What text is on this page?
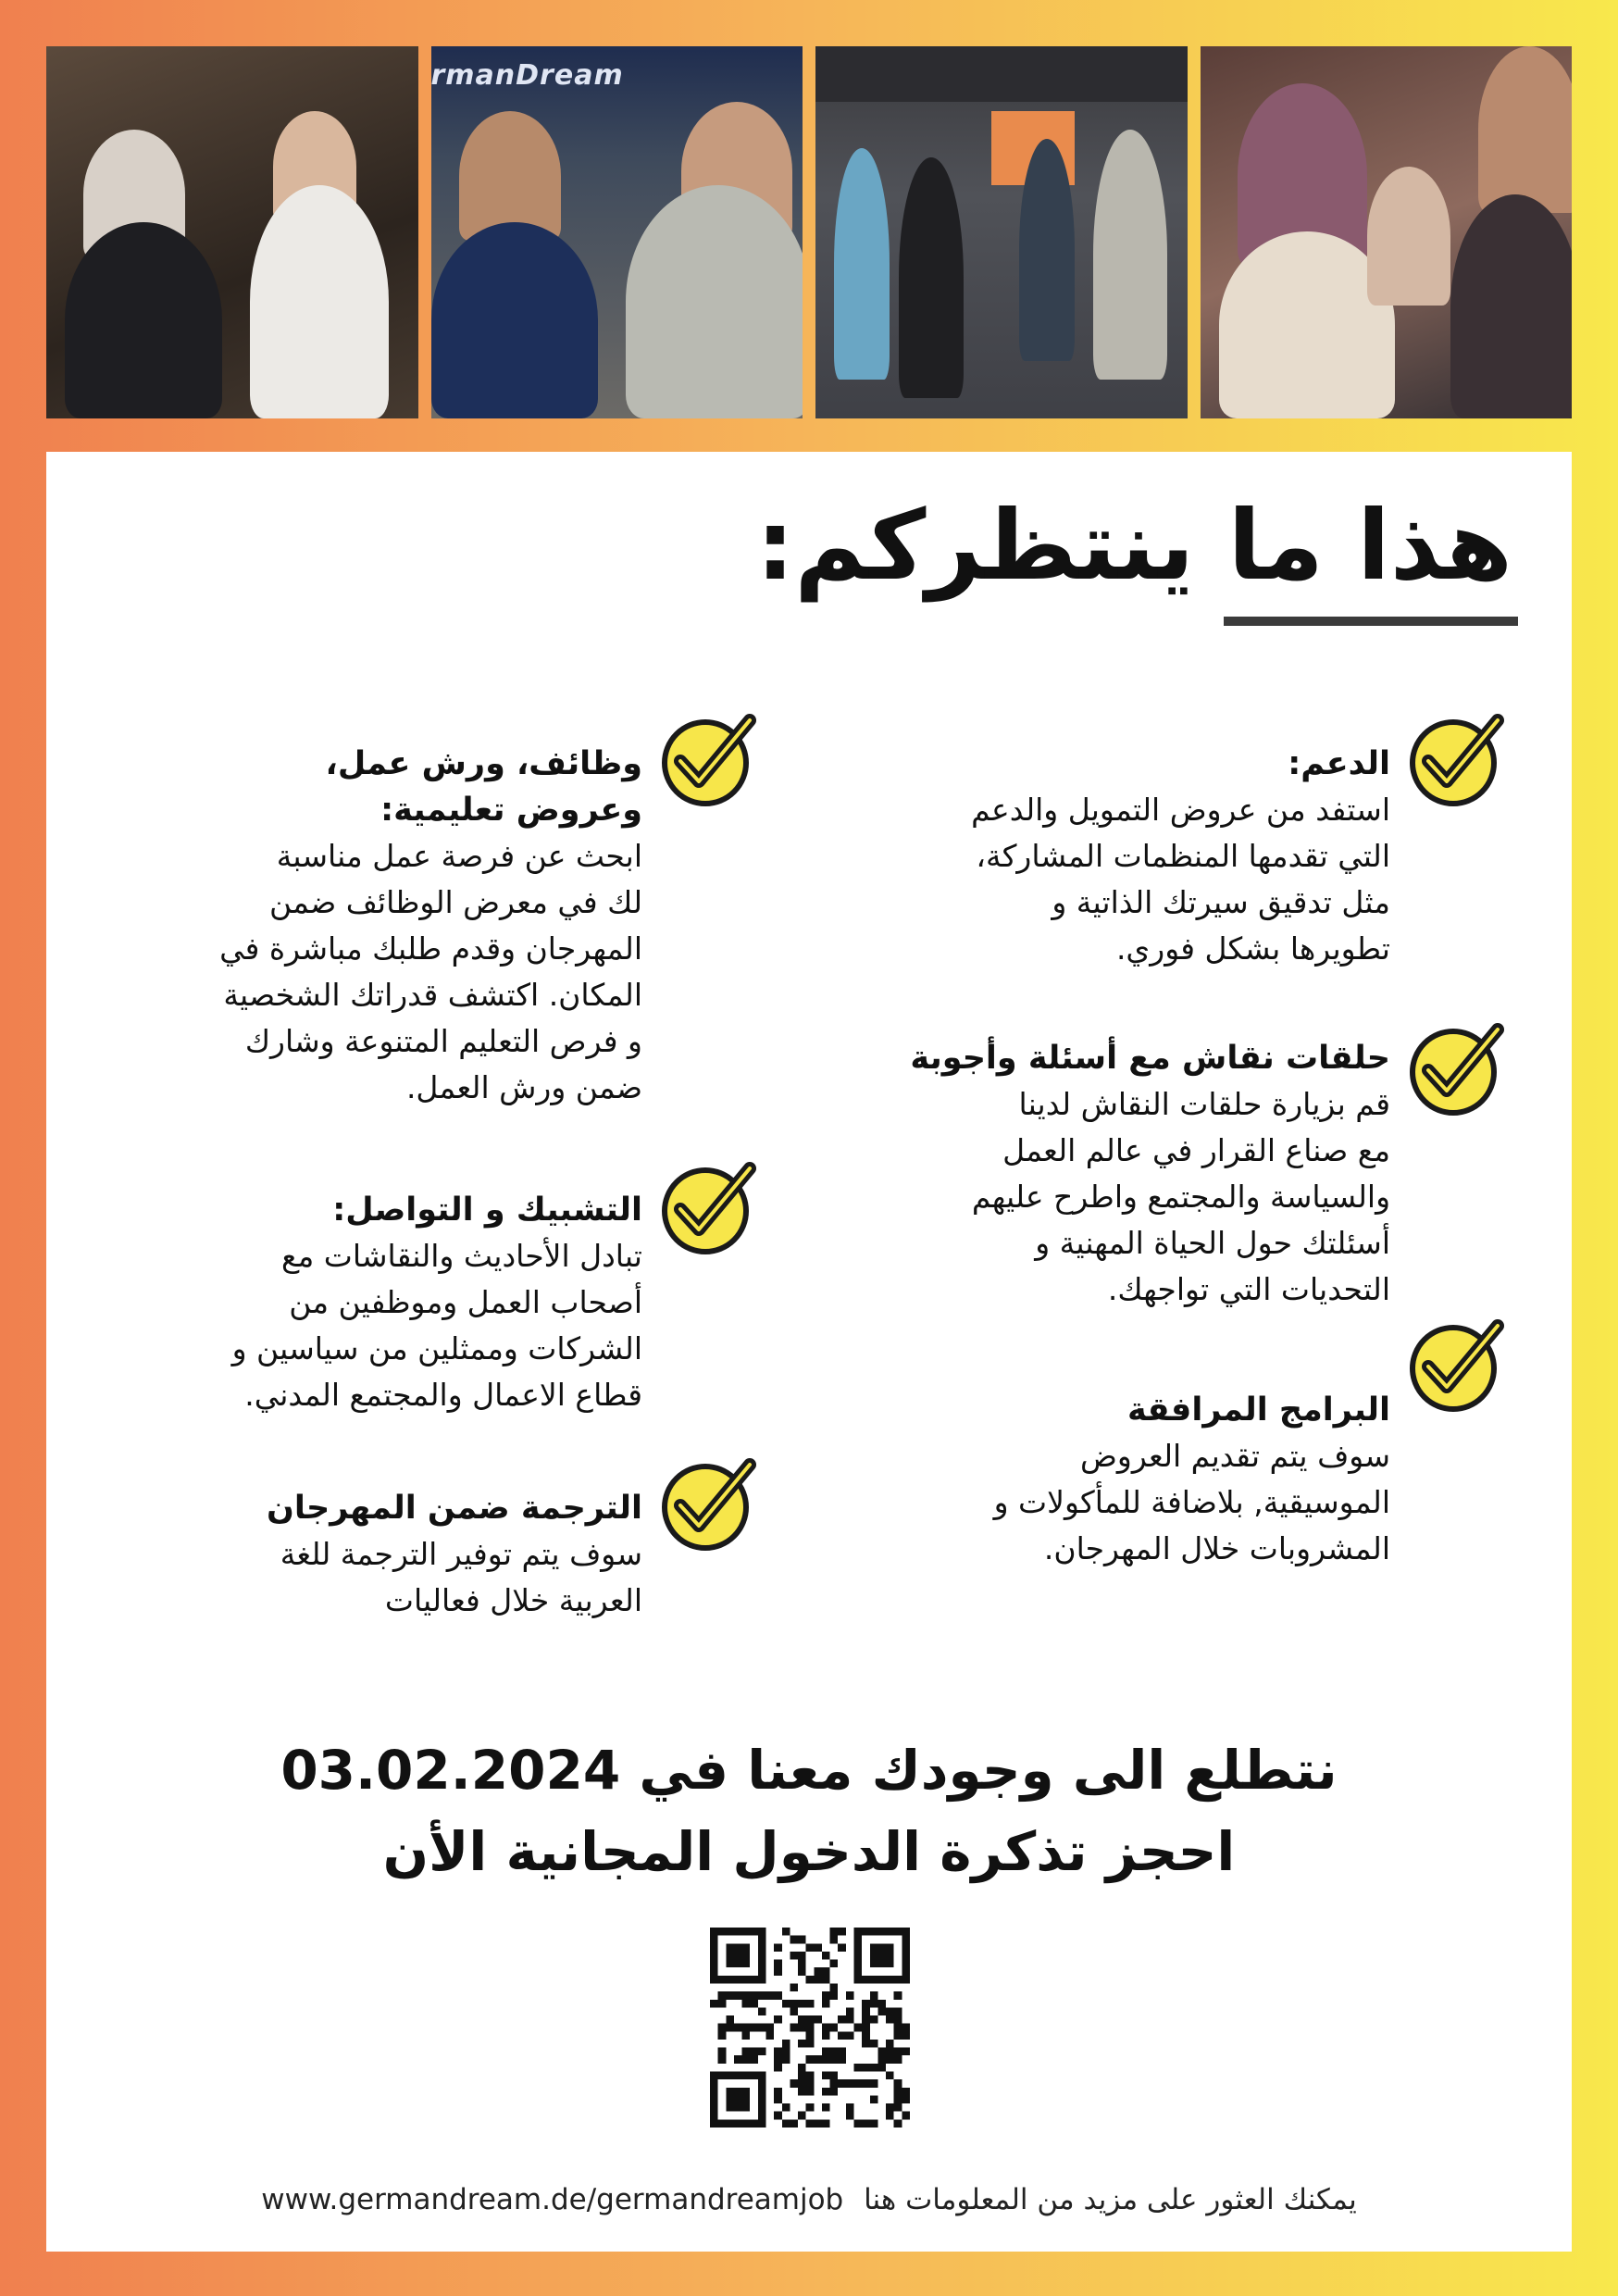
rmanDream
هذا ما ينتظركم:
الدعم:

استفد من عروض التمويل والدعم

التي تقدمها المنظمات المشاركة،

مثل تدقيق سيرتك الذاتية و

تطويرها بشكل فوري.

حلقات نقاش مع أسئلة وأجوبة

قم بزيارة حلقات النقاش لدينا

مع صناع القرار في عالم العمل

والسياسة والمجتمع واطرح عليهم

أسئلتك حول الحياة المهنية و

التحديات التي تواجهك.

البرامج المرافقة

سوف يتم تقديم العروض

الموسيقية, بلاضافة للمأكولات و

المشروبات خلال المهرجان.

وظائف، ورش عمل،
وعروض تعليمية:

ابحث عن فرصة عمل مناسبة

لك في معرض الوظائف ضمن

المهرجان وقدم طلبك مباشرة في

المكان. اكتشف قدراتك الشخصية

و فرص التعليم المتنوعة وشارك

ضمن ورش العمل.

التشبيك و التواصل:

تبادل الأحاديث والنقاشات مع

أصحاب العمل وموظفين من

الشركات وممثلين من سياسين و

قطاع الاعمال والمجتمع المدني.

الترجمة ضمن المهرجان

سوف يتم توفير الترجمة للغة

العربية خلال فعاليات

نتطلع الى وجودك معنا في 03.02.2024
احجز تذكرة الدخول المجانية الأن
www.germandream.de/germandreamjob يمكنك العثور على مزيد من المعلومات هنا
